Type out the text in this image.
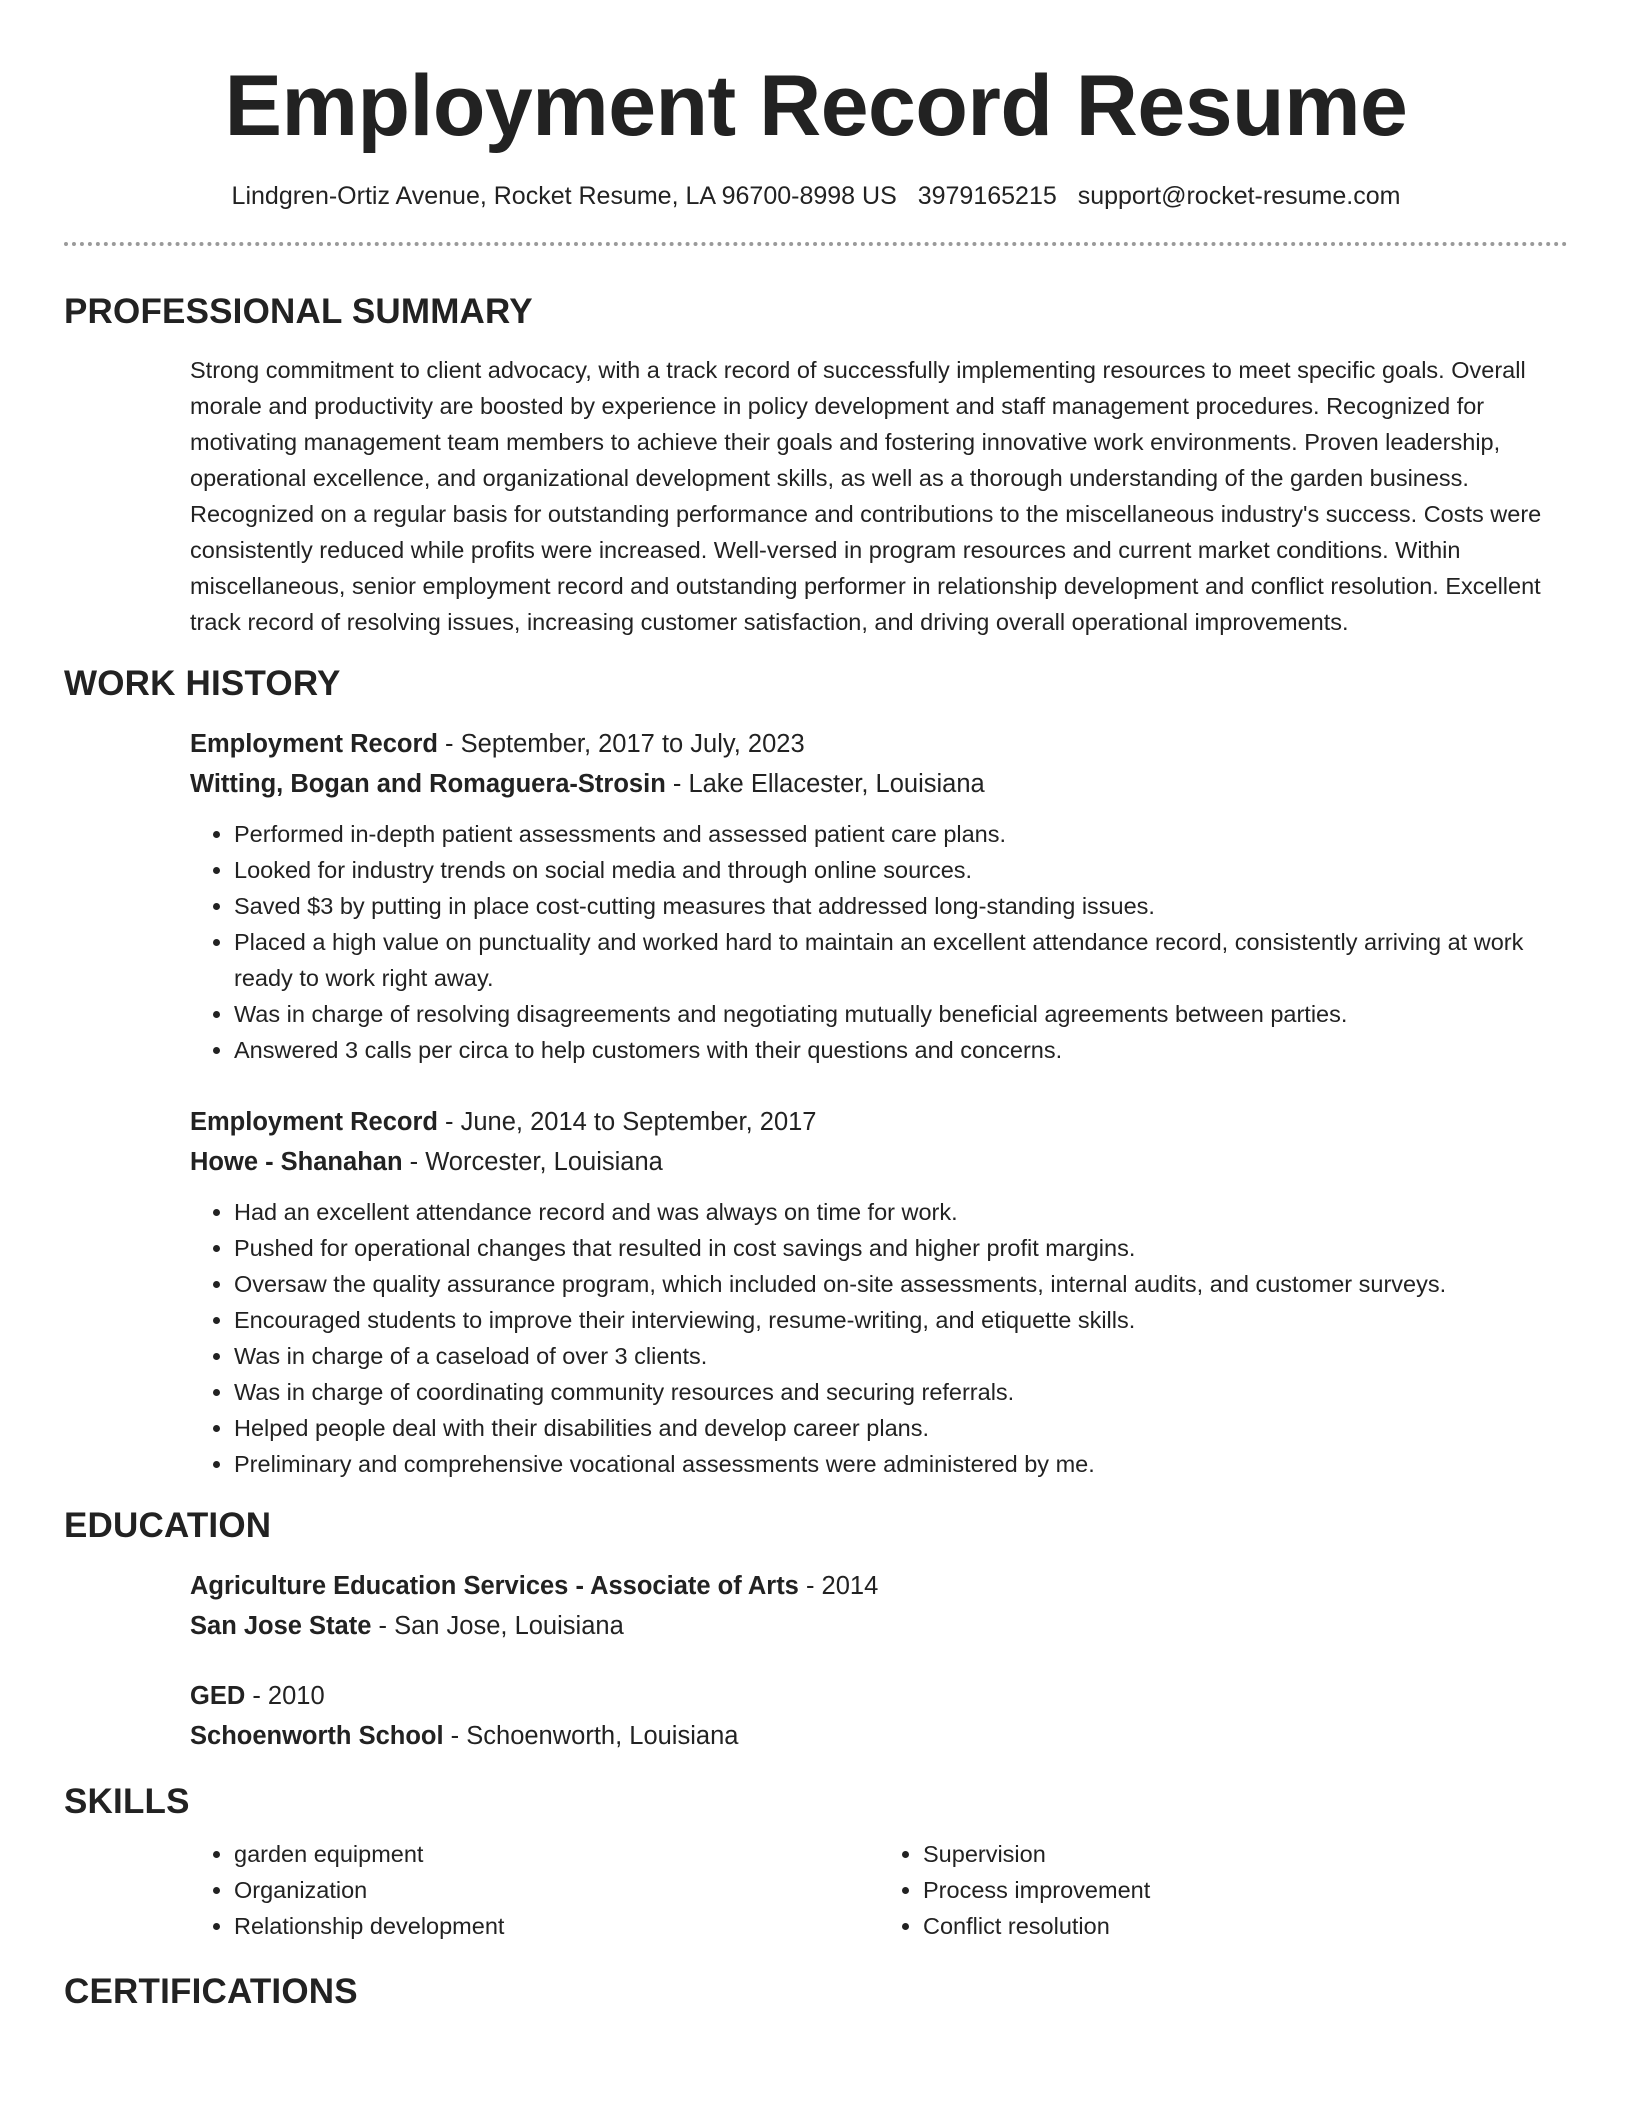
Employment Record Resume
Lindgren-Ortiz Avenue, Rocket Resume, LA 96700-8998 US 3979165215 support@rocket-resume.com
PROFESSIONAL SUMMARY

Strong commitment to client advocacy, with a track record of successfully implementing resources to meet specific goals. Overall morale and productivity are boosted by experience in policy development and staff management procedures. Recognized for motivating management team members to achieve their goals and fostering innovative work environments. Proven leadership, operational excellence, and organizational development skills, as well as a thorough understanding of the garden business. Recognized on a regular basis for outstanding performance and contributions to the miscellaneous industry's success. Costs were consistently reduced while profits were increased. Well-versed in program resources and current market conditions. Within miscellaneous, senior employment record and outstanding performer in relationship development and conflict resolution. Excellent track record of resolving issues, increasing customer satisfaction, and driving overall operational improvements.

WORK HISTORY
Employment Record - September, 2017 to July, 2023
Witting, Bogan and Romaguera-Strosin - Lake Ellacester, Louisiana
• Performed in-depth patient assessments and assessed patient care plans.
• Looked for industry trends on social media and through online sources.
• Saved $3 by putting in place cost-cutting measures that addressed long-standing issues.
• Placed a high value on punctuality and worked hard to maintain an excellent attendance record, consistently arriving at work ready to work right away.
• Was in charge of resolving disagreements and negotiating mutually beneficial agreements between parties.
• Answered 3 calls per circa to help customers with their questions and concerns.
Employment Record - June, 2014 to September, 2017
Howe - Shanahan - Worcester, Louisiana
• Had an excellent attendance record and was always on time for work.
• Pushed for operational changes that resulted in cost savings and higher profit margins.
• Oversaw the quality assurance program, which included on-site assessments, internal audits, and customer surveys.
• Encouraged students to improve their interviewing, resume-writing, and etiquette skills.
• Was in charge of a caseload of over 3 clients.
• Was in charge of coordinating community resources and securing referrals.
• Helped people deal with their disabilities and develop career plans.
• Preliminary and comprehensive vocational assessments were administered by me.
EDUCATION
Agriculture Education Services - Associate of Arts - 2014
San Jose State - San Jose, Louisiana
GED - 2010
Schoenworth School - Schoenworth, Louisiana
SKILLS
• garden equipment
• Organization
• Relationship development
• Supervision
• Process improvement
• Conflict resolution
CERTIFICATIONS
